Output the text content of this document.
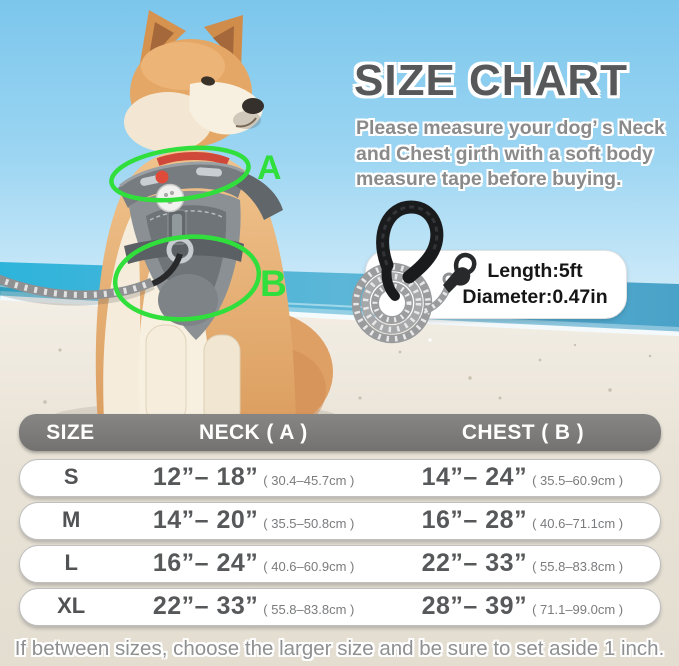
A
B	Length:5ft
Diameter:0.47in
SIZE CHART
Please measure your dog’ s Neck
and Chest girth with a soft body
measure tape before buying.
SIZE	NECK ( A )	CHEST ( B )
S	12”– 18” ( 30.4–45.7cm )	14”– 24” ( 35.5–60.9cm )
M	14”– 20” ( 35.5–50.8cm )	16”– 28” ( 40.6–71.1cm )
L	16”– 24” ( 40.6–60.9cm )	22”– 33” ( 55.8–83.8cm )
XL	22”– 33” ( 55.8–83.8cm )	28”– 39” ( 71.1–99.0cm )
If between sizes, choose the larger size and be sure to set aside 1 inch.
